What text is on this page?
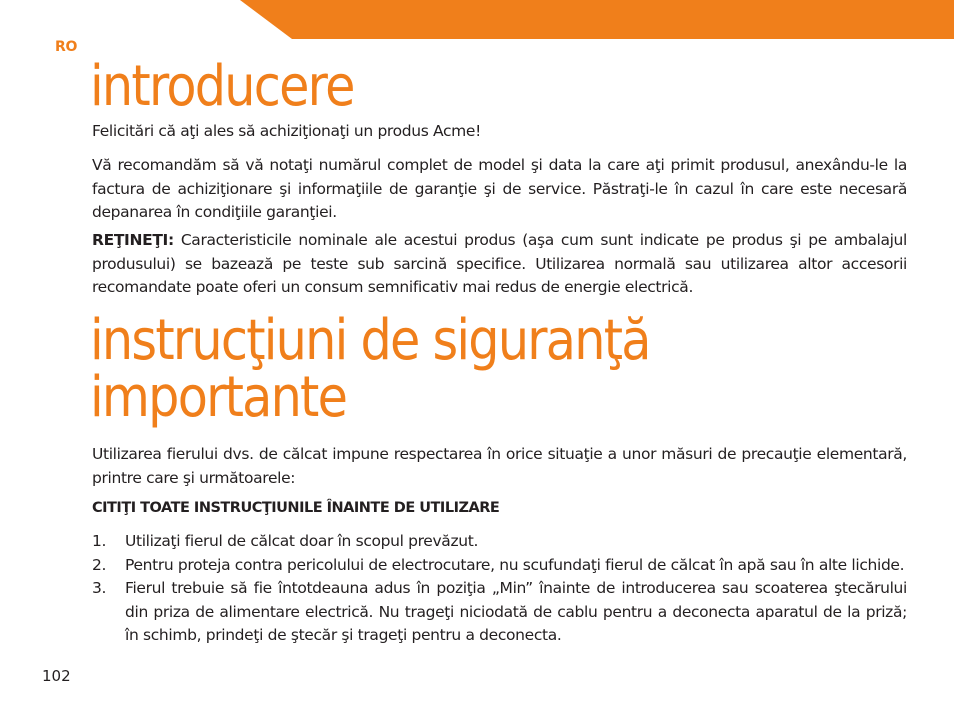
RO
introducere

Felicitări că aţi ales să achiziţionaţi un produs Acme!

Vă recomandăm să vă notaţi numărul complet de model şi data la care aţi primit produsul, anexându-le la factura de achiziţionare şi informaţiile de garanţie şi de service. Păstraţi-le în cazul în care este necesară depanarea în condiţiile garanţiei.

REŢINEŢI: Caracteristicile nominale ale acestui produs (aşa cum sunt indicate pe produs şi pe ambalajul produsului) se bazează pe teste sub sarcină specifice. Utilizarea normală sau utilizarea altor accesorii recomandate poate oferi un consum semnificativ mai redus de energie electrică.

instrucţiuni de siguranţă importante

Utilizarea fierului dvs. de călcat impune respectarea în orice situaţie a unor măsuri de precauţie elementară, printre care şi următoarele:

CITIŢI TOATE INSTRUCŢIUNILE ÎNAINTE DE UTILIZARE

1. Utilizaţi fierul de călcat doar în scopul prevăzut.
2. Pentru proteja contra pericolului de electrocutare, nu scufundaţi fierul de călcat în apă sau în alte lichide.
3. Fierul trebuie să fie întotdeauna adus în poziţia „Min” înainte de introducerea sau scoaterea ştecărului din priza de alimentare electrică. Nu trageţi niciodată de cablu pentru a deconecta aparatul de la priză; în schimb, prindeţi de ştecăr şi trageţi pentru a deconecta.
102
